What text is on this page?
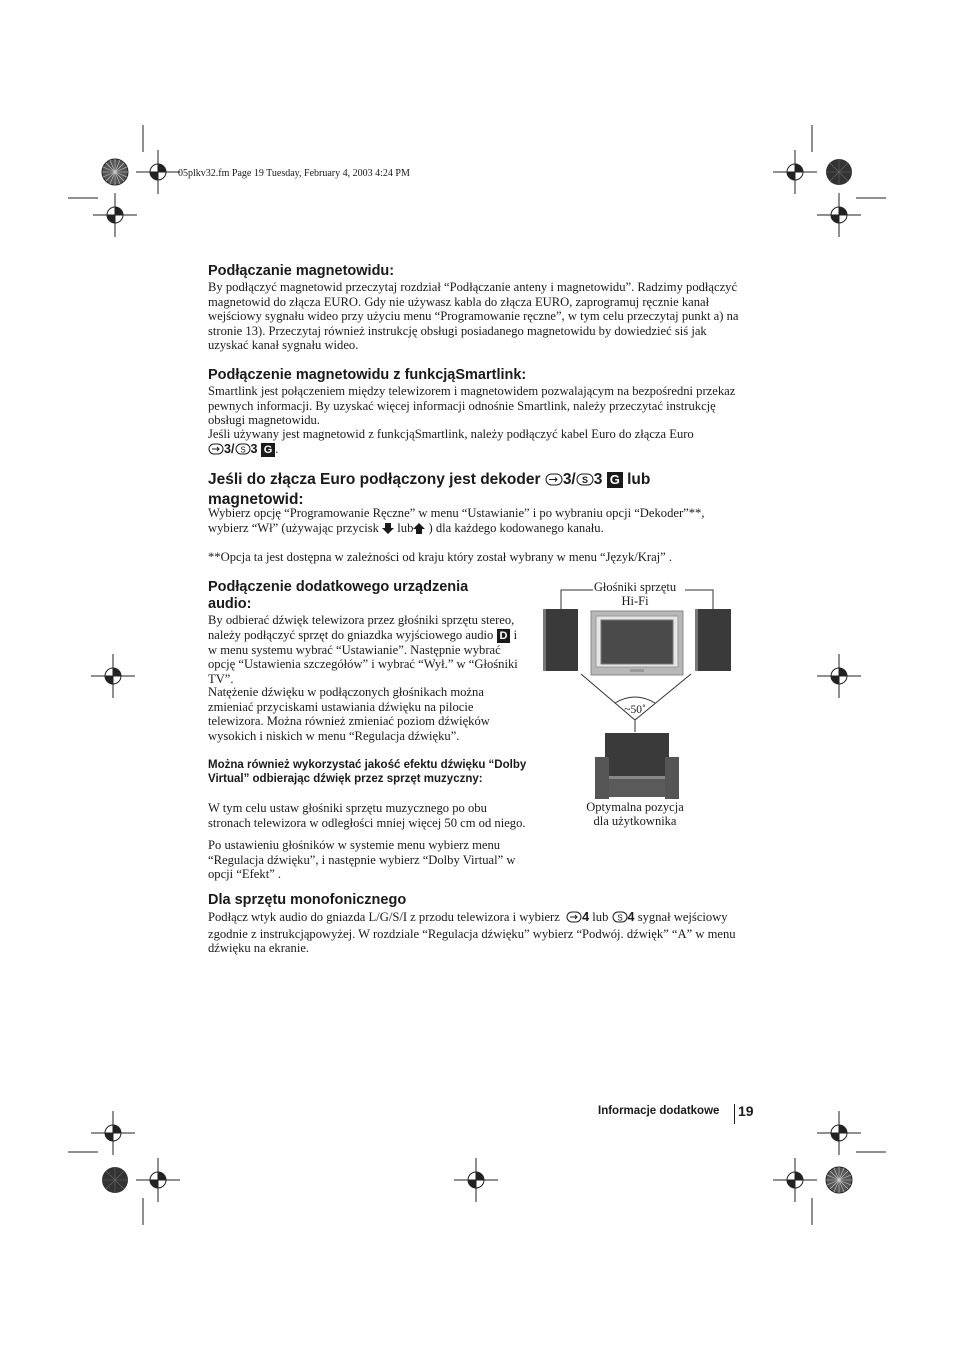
05plkv32.fm Page 19 Tuesday, February 4, 2003 4:24 PM
Podłączanie magnetowidu:

By podłączyć magnetowid przeczytaj rozdział “Podłączanie anteny i magnetowidu”. Radzimy podłączyć magnetowid do złącza EURO. Gdy nie używasz kabla do złącza EURO, zaprogramuj ręcznie kanał wejściowy sygnału wideo przy użyciu menu “Programowanie ręczne”, w tym celu przeczytaj punkt a) na stronie 13). Przeczytaj również instrukcję obsługi posiadanego magnetowidu by dowiedzieć siś jak uzyskać kanał sygnału wideo.

Podłączenie magnetowidu z funkcjąSmartlink:

Smartlink jest połączeniem między telewizorem i magnetowidem pozwalającym na bezpośredni przekaz pewnych informacji. By uzyskać więcej informacji odnośnie Smartlink, należy przeczytać instrukcję obsługi magnetowidu.

Jeśli używany jest magnetowid z funkcjąSmartlink, należy podłączyć kabel Euro do złącza Euro
3/ S 3 G .

Jeśli do złącza Euro podłączony jest dekoder 3/ S 3 G lub
magnetowid:

Wybierz opcję “Programowanie Ręczne” w menu “Ustawianie” i po wybraniu opcji “Dekoder”**, wybierz “Wł” (używając przycisk lub ) dla każdego kodowanego kanału.

**Opcja ta jest dostępna w zależności od kraju który został wybrany w menu “Język/Kraj” .

Podłączenie dodatkowego urządzenia
audio:

By odbierać dźwięk telewizora przez głośniki sprzętu stereo, należy podłączyć sprzęt do gniazdka wyjściowego audio D i w menu systemu wybrać “Ustawianie”. Następnie wybrać opcję “Ustawienia szczegółów” i wybrać “Wył.” w “Głośniki TV”.

Natężenie dźwięku w podłączonych głośnikach można zmieniać przyciskami ustawiania dźwięku na pilocie telewizora. Można również zmieniać poziom dźwięków wysokich i niskich w menu “Regulacja dźwięku”.

Można również wykorzystać jakość efektu dźwięku “Dolby Virtual” odbierając dźwięk przez sprzęt muzyczny:

W tym celu ustaw głośniki sprzętu muzycznego po obu stronach telewizora w odległości mniej więcej 50 cm od niego.

Po ustawieniu głośników w systemie menu wybierz menu “Regulacja dźwięku”, i następnie wybierz “Dolby Virtual” w opcji “Efekt” .

Głośniki sprzętu
Hi-Fi
~50˚
Optymalna pozycja
dla użytkownika
Dla sprzętu monofonicznego

Podłącz wtyk audio do gniazda L/G/S/I z przodu telewizora i wybierz 4 lub S 4 sygnał wejściowy zgodnie z instrukcjąpowyżej. W rozdziale “Regulacja dźwięku” wybierz “Podwój. dźwięk” “A” w menu dźwięku na ekranie.

Informacje dodatkowe 19
